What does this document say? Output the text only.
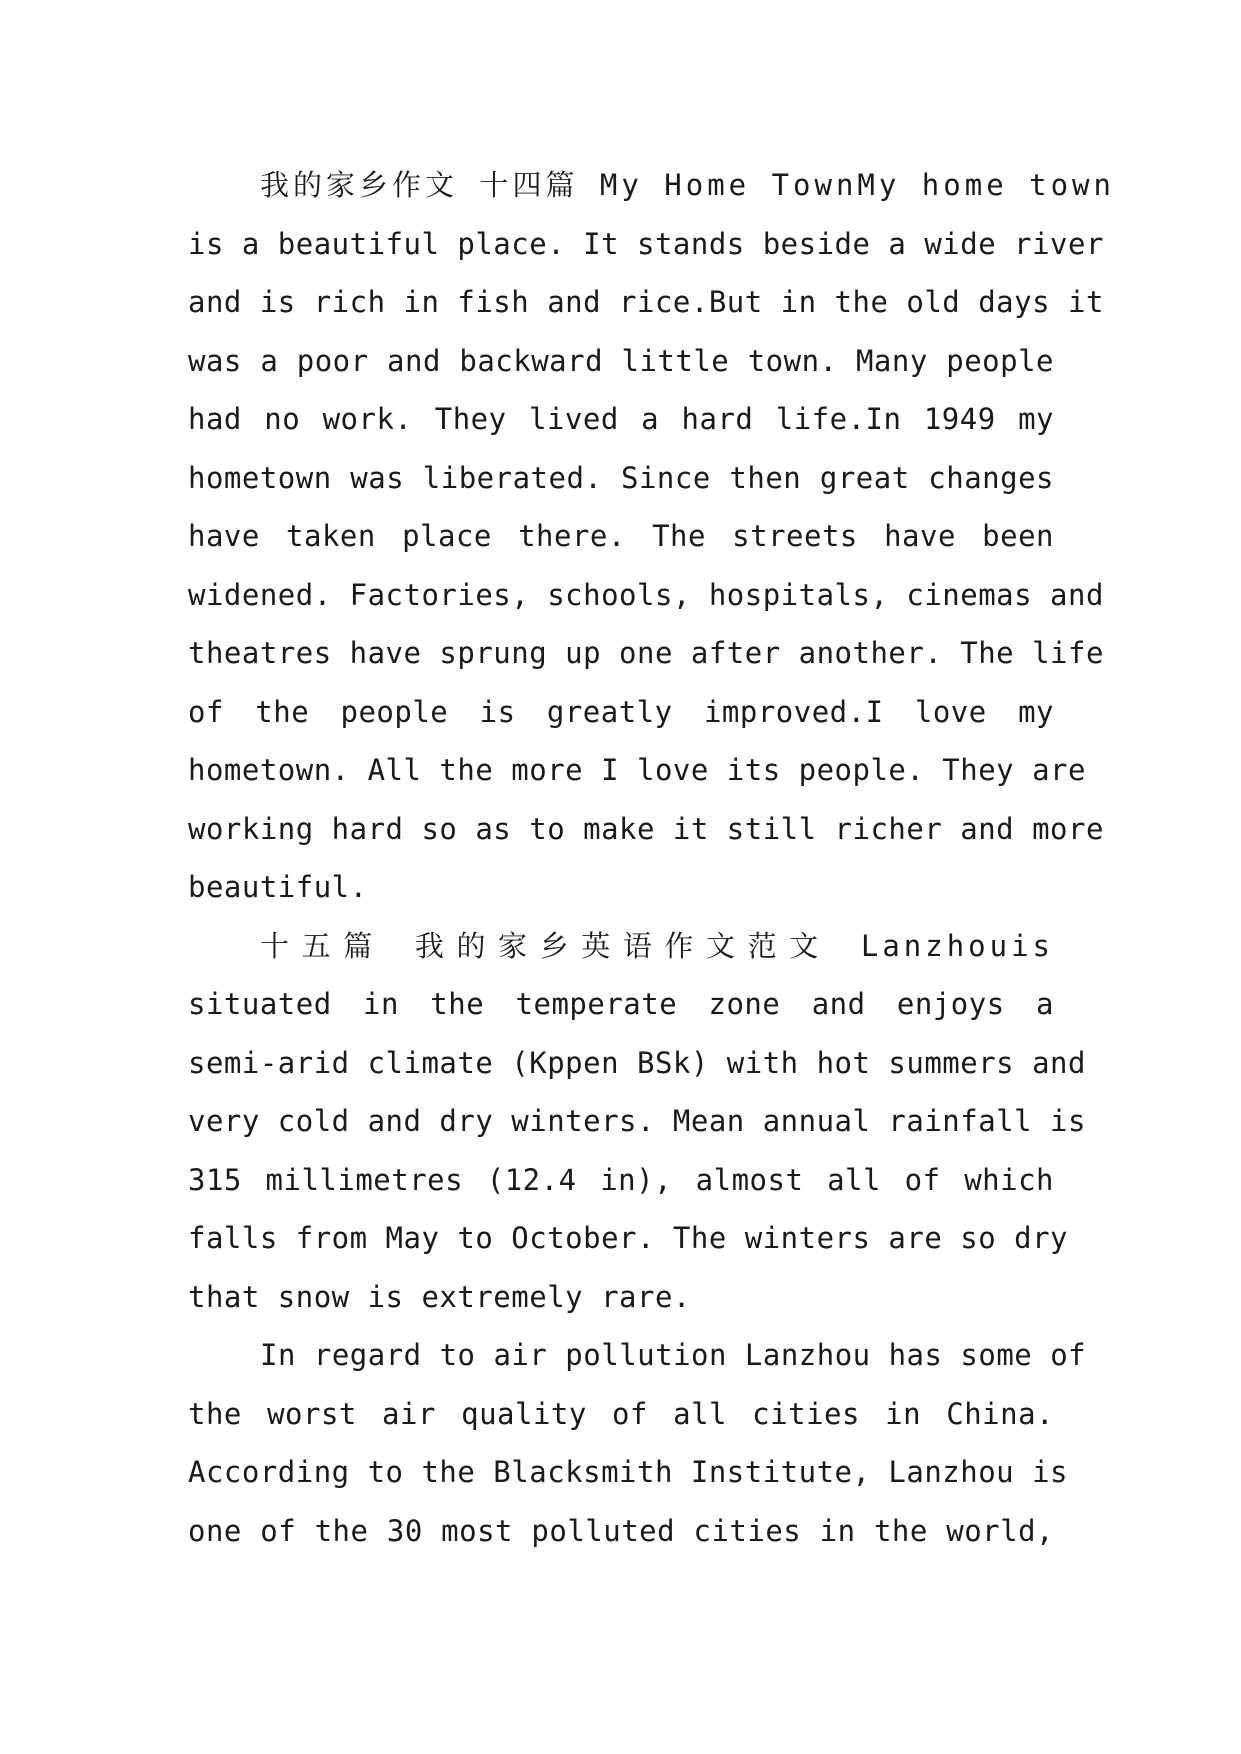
我的家乡作文 十四篇 My Home TownMy home town
is a beautiful place. It stands beside a wide river
and is rich in fish and rice.But in the old days it
was a poor and backward little town. Many people
had no work. They lived a hard life.In 1949 my
hometown was liberated. Since then great changes
have taken place there. The streets have been
widened. Factories, schools, hospitals, cinemas and
theatres have sprung up one after another. The life
of the people is greatly improved.I love my
hometown. All the more I love its people. They are
working hard so as to make it still richer and more
beautiful.
十五篇 我的家乡英语作文范文 Lanzhouis
situated in the temperate zone and enjoys a
semi-arid climate (Kppen BSk) with hot summers and
very cold and dry winters. Mean annual rainfall is
315 millimetres (12.4 in), almost all of which
falls from May to October. The winters are so dry
that snow is extremely rare.
In regard to air pollution Lanzhou has some of
the worst air quality of all cities in China.
According to the Blacksmith Institute, Lanzhou is
one of the 30 most polluted cities in the world,
